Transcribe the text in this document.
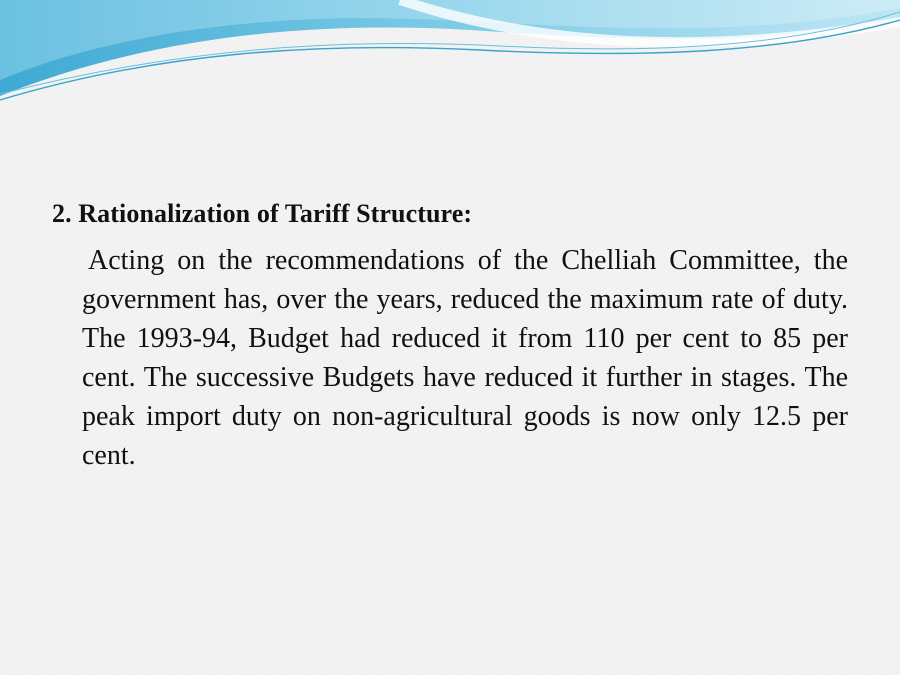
2. Rationalization of Tariff Structure:

Acting on the recommendations of the Chelliah Committee, the government has, over the years, reduced the maximum rate of duty. The 1993-94, Budget had reduced it from 110 per cent to 85 per cent. The successive Budgets have reduced it further in stages. The peak import duty on non-agricultural goods is now only 12.5 per cent.
